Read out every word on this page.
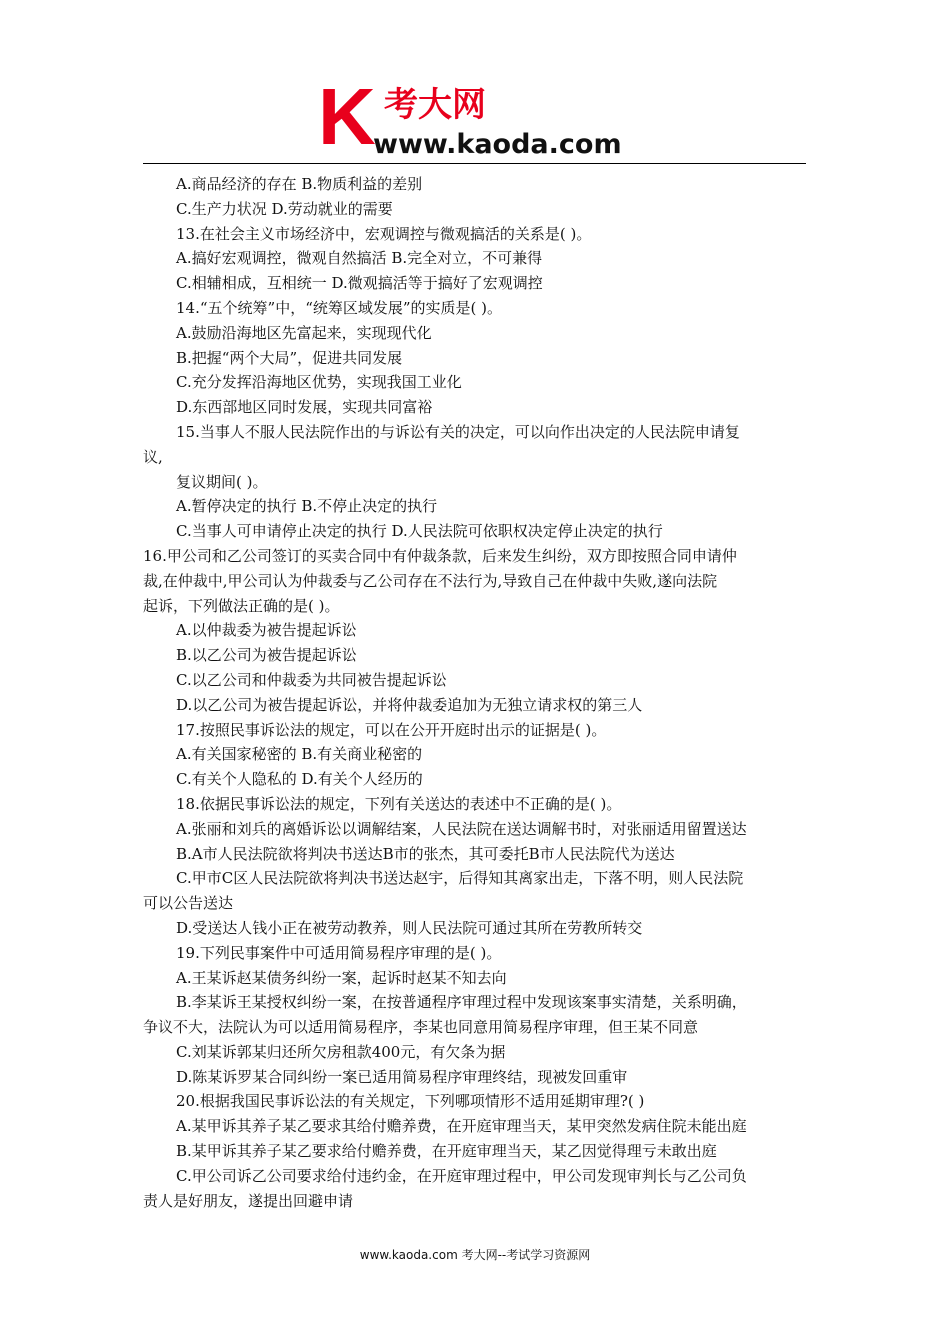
K 考大网
www.kaoda.com
A.商品经济的存在 B.物质利益的差别
C.生产力状况 D.劳动就业的需要
13.在社会主义市场经济中，宏观调控与微观搞活的关系是( )。
A.搞好宏观调控，微观自然搞活 B.完全对立，不可兼得
C.相辅相成，互相统一 D.微观搞活等于搞好了宏观调控
14.“五个统筹”中，“统筹区域发展”的实质是( )。
A.鼓励沿海地区先富起来，实现现代化
B.把握“两个大局”，促进共同发展
C.充分发挥沿海地区优势，实现我国工业化
D.东西部地区同时发展，实现共同富裕
15.当事人不服人民法院作出的与诉讼有关的决定，可以向作出决定的人民法院申请复
议,
复议期间( )。
A.暂停决定的执行 B.不停止决定的执行
C.当事人可申请停止决定的执行 D.人民法院可依职权决定停止决定的执行
16.甲公司和乙公司签订的买卖合同中有仲裁条款，后来发生纠纷，双方即按照合同申请仲
裁,在仲裁中,甲公司认为仲裁委与乙公司存在不法行为,导致自己在仲裁中失败,遂向法院
起诉，下列做法正确的是( )。
A.以仲裁委为被告提起诉讼
B.以乙公司为被告提起诉讼
C.以乙公司和仲裁委为共同被告提起诉讼
D.以乙公司为被告提起诉讼，并将仲裁委追加为无独立请求权的第三人
17.按照民事诉讼法的规定，可以在公开开庭时出示的证据是( )。
A.有关国家秘密的 B.有关商业秘密的
C.有关个人隐私的 D.有关个人经历的
18.依据民事诉讼法的规定，下列有关送达的表述中不正确的是( )。
A.张丽和刘兵的离婚诉讼以调解结案，人民法院在送达调解书时，对张丽适用留置送达
B.A市人民法院欲将判决书送达B市的张杰，其可委托B市人民法院代为送达
C.甲市C区人民法院欲将判决书送达赵宇，后得知其离家出走，下落不明，则人民法院
可以公告送达
D.受送达人钱小正在被劳动教养，则人民法院可通过其所在劳教所转交
19.下列民事案件中可适用简易程序审理的是( )。
A.王某诉赵某债务纠纷一案，起诉时赵某不知去向
B.李某诉王某授权纠纷一案，在按普通程序审理过程中发现该案事实清楚，关系明确，
争议不大，法院认为可以适用简易程序，李某也同意用简易程序审理，但王某不同意
C.刘某诉郭某归还所欠房租款400元，有欠条为据
D.陈某诉罗某合同纠纷一案已适用简易程序审理终结，现被发回重审
20.根据我国民事诉讼法的有关规定，下列哪项情形不适用延期审理?( )
A.某甲诉其养子某乙要求其给付赡养费，在开庭审理当天，某甲突然发病住院未能出庭
B.某甲诉其养子某乙要求给付赡养费，在开庭审理当天，某乙因觉得理亏未敢出庭
C.甲公司诉乙公司要求给付违约金，在开庭审理过程中，甲公司发现审判长与乙公司负
责人是好朋友，遂提出回避申请
www.kaoda.com 考大网--考试学习资源网
